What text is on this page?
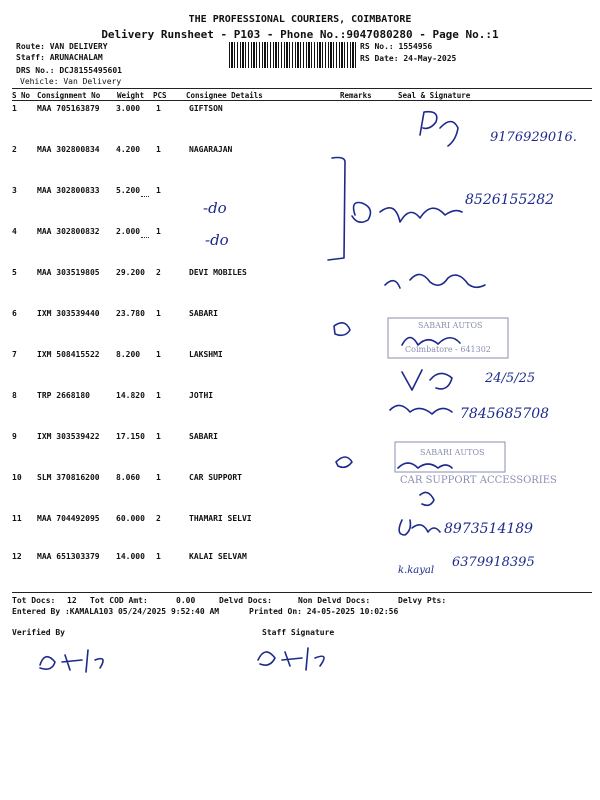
THE PROFESSIONAL COURIERS, COIMBATORE
Delivery Runsheet - P103 - Phone No.:9047080280 - Page No.:1
Route: VAN DELIVERY
Staff: ARUNACHALAM
DRS No.: DCJ8155495601
Vehicle: Van Delivery
RS No.: 1554956
RS Date: 24-May-2025
S No Consignment No Weight PCS	Consignee Details	Remarks	Seal & Signature
1	MAA 705163879 3.000 1	GIFTSON
2	MAA 302800834 4.200 1	NAGARAJAN
3	MAA 302800833 5.200 1
4	MAA 302800832 2.000 1
5	MAA 303519805 29.200 2	DEVI MOBILES
6	IXM 303539440 23.780 1	SABARI
7	IXM 508415522 8.200 1	LAKSHMI
8	TRP 2668180	14.820 1	JOTHI
9	IXM 303539422 17.150 1	SABARI
10 SLM 370816200 8.060 1	CAR SUPPORT
11 MAA 704492095 60.000 2	THAMARI SELVI
12 MAA 651303379 14.000 1	KALAI SELVAM
9176929016.
-do
-do
8526155282
SABARI AUTOS
Coimbatore - 641302
24/5/25
7845685708
SABARI AUTOS
CAR SUPPORT ACCESSORIES
8973514189
k.kayal
6379918395
Tot Docs: 12 Tot COD Amt:	0.00	Delvd Docs:	Non Delvd Docs:	Delvy Pts:
Entered By :KAMALA103 05/24/2025 9:52:40 AM	Printed On: 24-05-2025 10:02:56
Verified By	Staff Signature
